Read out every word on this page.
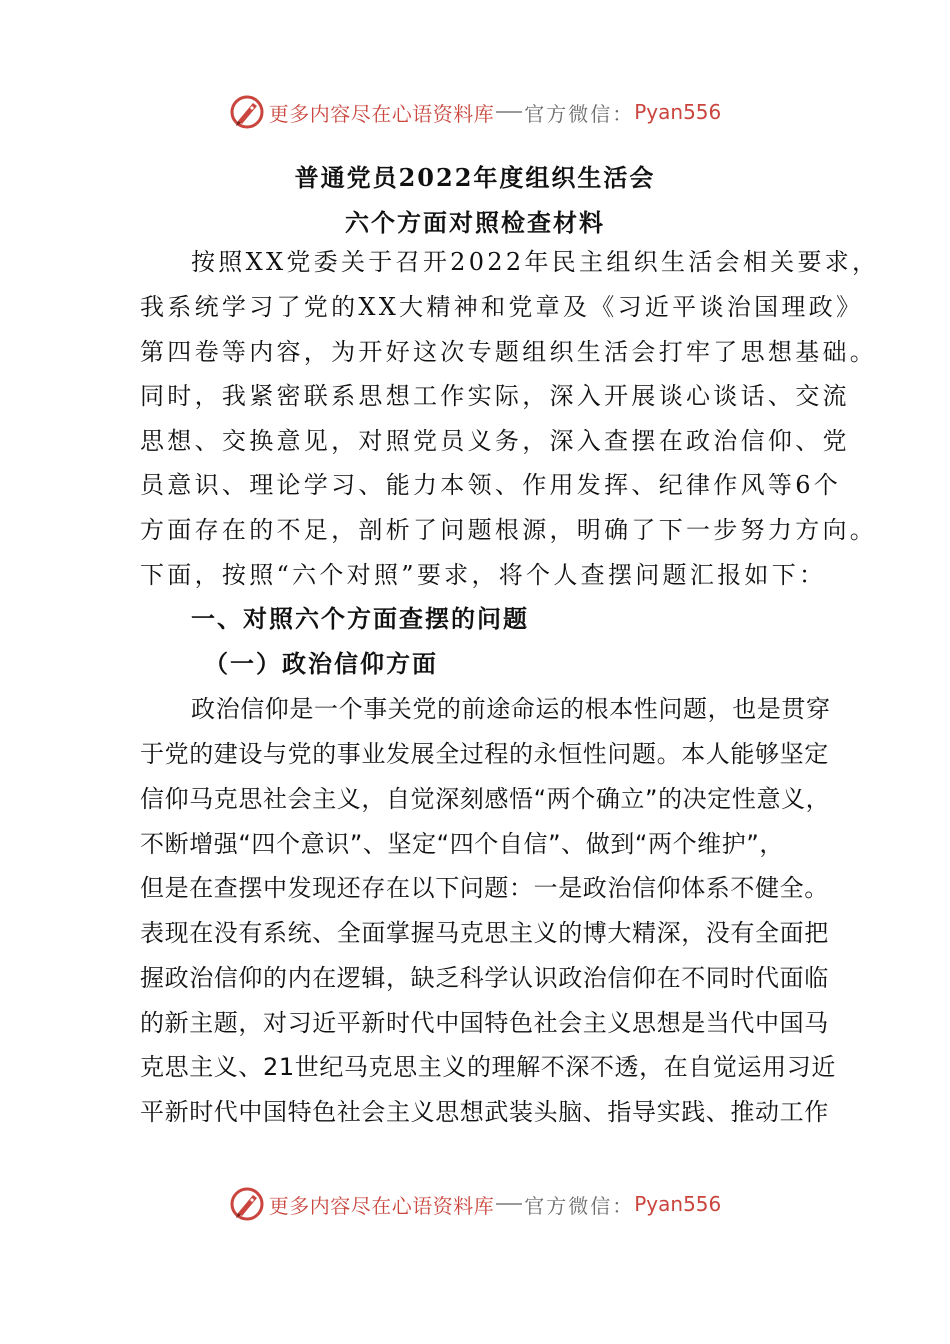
更多内容尽在心语资料库 官方微信： Pyan556
普通党员2022年度组织生活会
六个方面对照检查材料
按照XX党委关于召开2022年民主组织生活会相关要求，
我系统学习了党的XX大精神和党章及《习近平谈治国理政》
第四卷等内容，为开好这次专题组织生活会打牢了思想基础。
同时，我紧密联系思想工作实际，深入开展谈心谈话、交流
思想、交换意见，对照党员义务，深入查摆在政治信仰、党
员意识、理论学习、能力本领、作用发挥、纪律作风等6个
方面存在的不足，剖析了问题根源，明确了下一步努力方向。
下面，按照“六个对照”要求，将个人查摆问题汇报如下：
一、对照六个方面查摆的问题
（一）政治信仰方面
政治信仰是一个事关党的前途命运的根本性问题，也是贯穿
于党的建设与党的事业发展全过程的永恒性问题。本人能够坚定
信仰马克思社会主义，自觉深刻感悟“两个确立”的决定性意义，
不断增强“四个意识”、坚定“四个自信”、做到“两个维护”，
但是在查摆中发现还存在以下问题：一是政治信仰体系不健全。
表现在没有系统、全面掌握马克思主义的博大精深，没有全面把
握政治信仰的内在逻辑，缺乏科学认识政治信仰在不同时代面临
的新主题，对习近平新时代中国特色社会主义思想是当代中国马
克思主义、21世纪马克思主义的理解不深不透，在自觉运用习近
平新时代中国特色社会主义思想武装头脑、指导实践、推动工作
更多内容尽在心语资料库 官方微信： Pyan556
